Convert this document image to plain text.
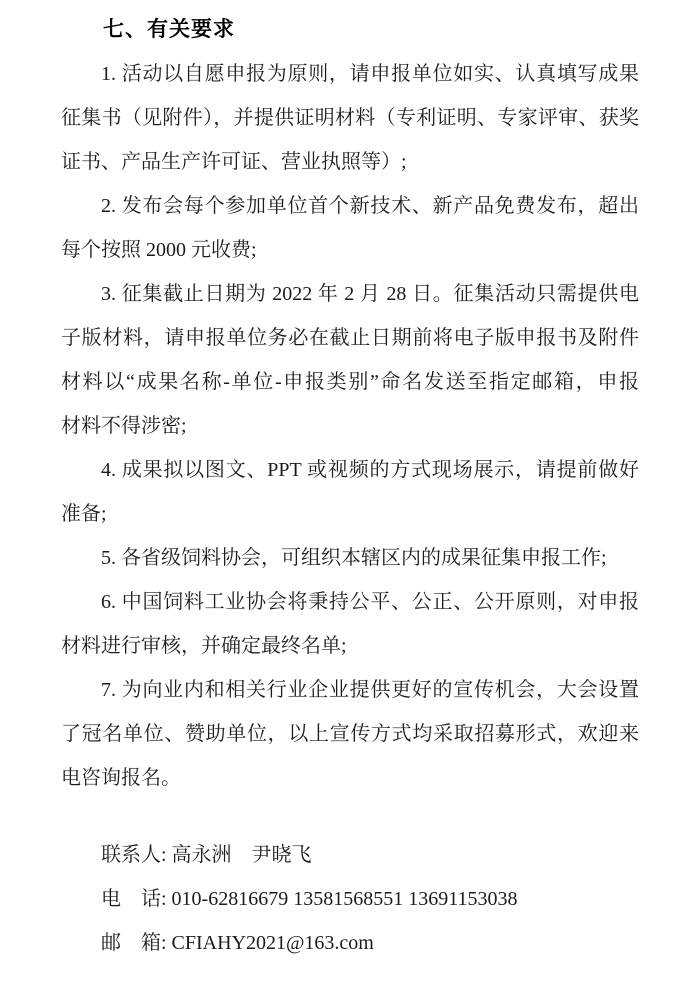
七、有关要求
1. 活动以自愿申报为原则，请申报单位如实、认真填写成果
征集书（见附件），并提供证明材料（专利证明、专家评审、获奖
证书、产品生产许可证、营业执照等）;
2. 发布会每个参加单位首个新技术、新产品免费发布，超出
每个按照 2000 元收费;
3. 征集截止日期为 2022 年 2 月 28 日。征集活动只需提供电
子版材料，请申报单位务必在截止日期前将电子版申报书及附件
材料以“成果名称-单位-申报类别”命名发送至指定邮箱，申报
材料不得涉密;
4. 成果拟以图文、PPT 或视频的方式现场展示，请提前做好
准备;
5. 各省级饲料协会，可组织本辖区内的成果征集申报工作;
6. 中国饲料工业协会将秉持公平、公正、公开原则，对申报
材料进行审核，并确定最终名单;
7. 为向业内和相关行业企业提供更好的宣传机会，大会设置
了冠名单位、赞助单位，以上宣传方式均采取招募形式，欢迎来
电咨询报名。
联系人: 高永洲　尹晓飞
电　话: 010-62816679 13581568551 13691153038
邮　箱: CFIAHY2021@163.com
